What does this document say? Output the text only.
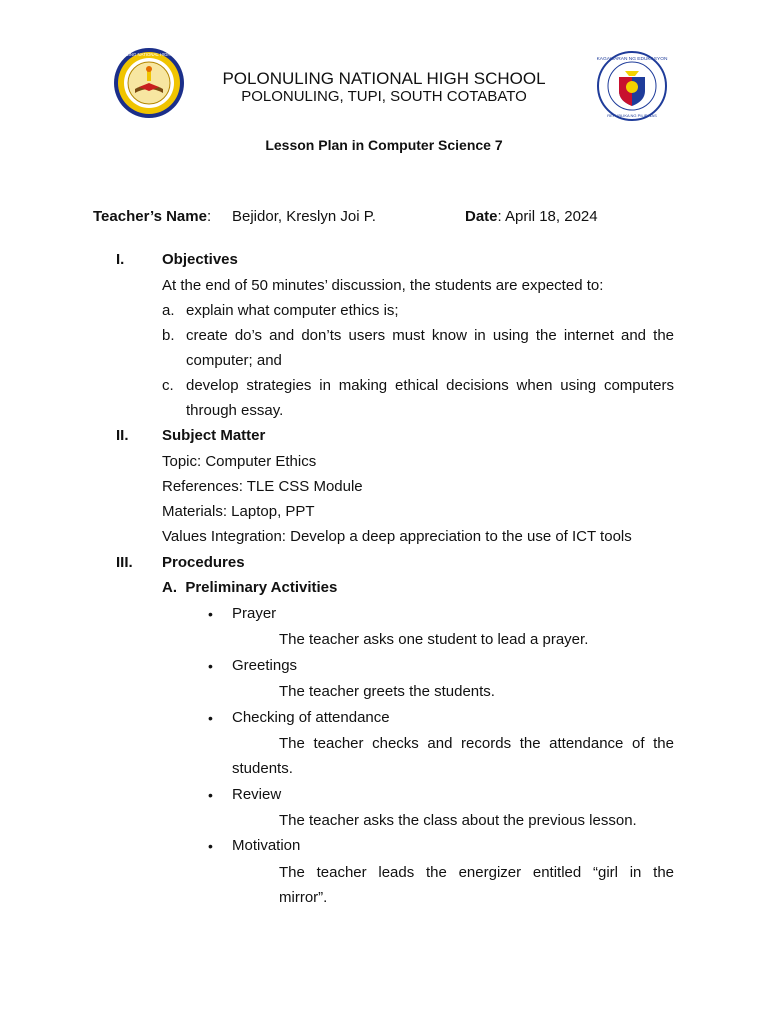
POLONULING NATIONAL HIGH SCHOOL
KAGAWARAN NG EDUKASYON
REPUBLIKA NG PILIPINAS
POLONULING NATIONAL HIGH SCHOOL
POLONULING, TUPI, SOUTH COTABATO
Lesson Plan in Computer Science 7
Teacher’s Name: Bejidor, Kreslyn Joi P.	Date: April 18, 2024
I.	Objectives
At the end of 50 minutes’ discussion, the students are expected to:
a. explain what computer ethics is;
b. create do’s and don’ts users must know in using the internet and the
computer; and
c. develop strategies in making ethical decisions when using computers
through essay.
II. Subject Matter
Topic: Computer Ethics
References: TLE CSS Module
Materials: Laptop, PPT
Values Integration: Develop a deep appreciation to the use of ICT tools
III. Procedures
A.  Preliminary Activities
• Prayer
The teacher asks one student to lead a prayer.
• Greetings
The teacher greets the students.
• Checking of attendance
The teacher checks and records the attendance of the
students.
• Review
The teacher asks the class about the previous lesson.
• Motivation
The teacher leads the energizer entitled “girl in the
mirror”.
